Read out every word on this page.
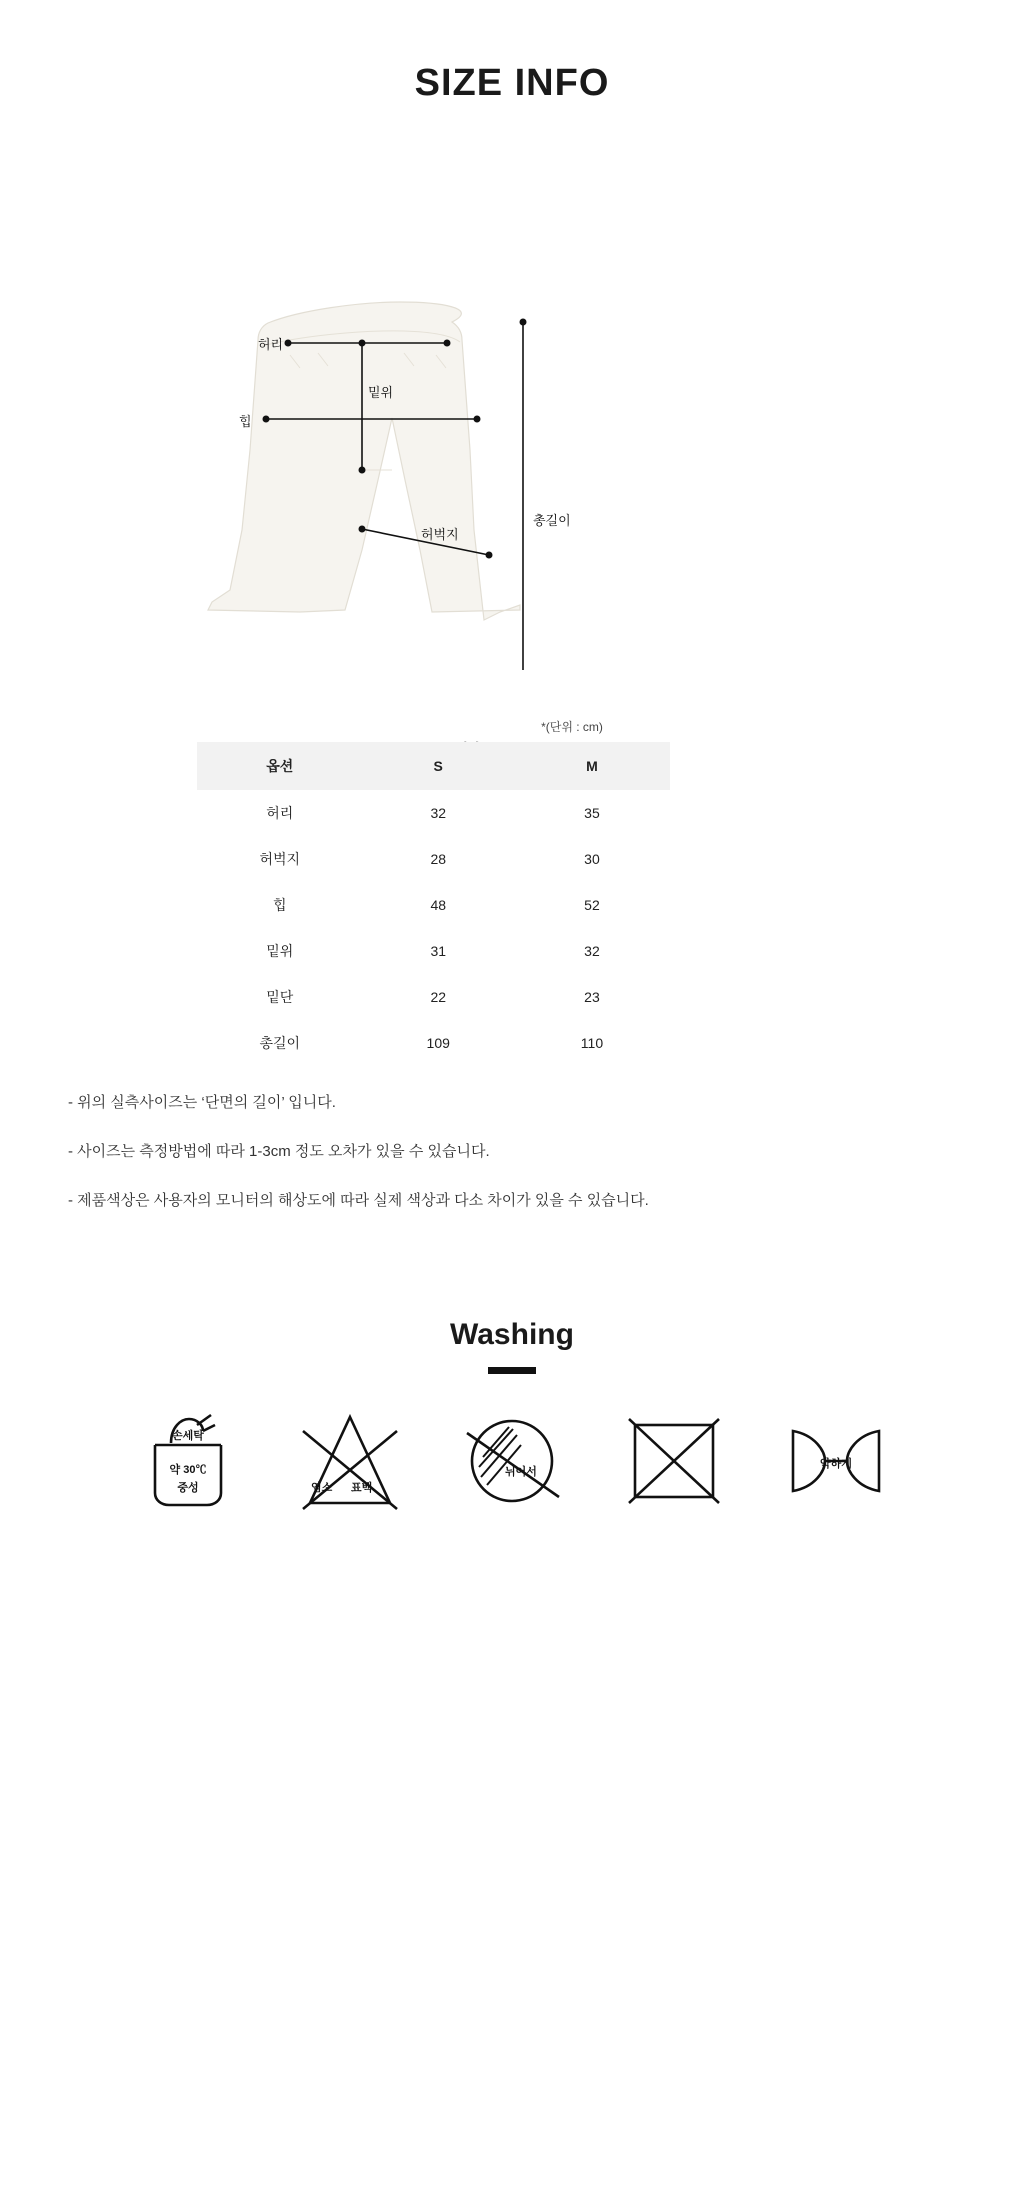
SIZE INFO
허리
밑위
힙
허벅지
총길이
*(단위 : cm)
옵션	S	M
허리	32	35
허벅지	28	30
힙	48	52
밑위	31	32
밑단	22	23
총길이	109	110
- 위의 실측사이즈는 ‘단면의 길이’ 입니다.
- 사이즈는 측정방법에 따라 1-3cm 정도 오차가 있을 수 있습니다.
- 제품색상은 사용자의 모니터의 해상도에 따라 실제 색상과 다소 차이가 있을 수 있습니다.
Washing
손세탁
약 30℃
중성	염소 표백
뉘어서
약하게
